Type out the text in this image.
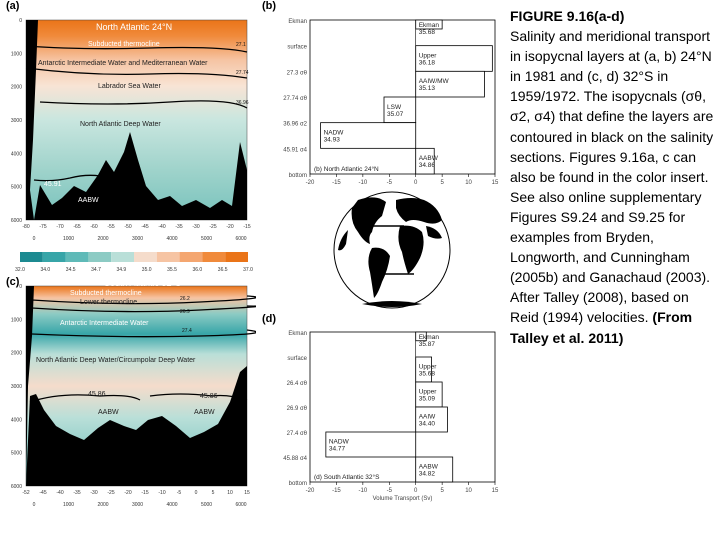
(a)	(b)
(c)
(d)
North Atlantic 24°N
Subducted thermocline
Antarctic Intermediate Water and Mediterranean Water
Labrador Sea Water
North Atlantic Deep Water
AABW
27.1
27.74
36.96
45.91
0
1000
2000
3000
4000
5000
6000
-80 -75 -70 -65 -60 -55 -50 -45 -40 -35 -30 -25 -20 -15
0	1000	2000	3000	4000	5000	6000
32.0	34.0	34.5	34.7	34.9	35.0	35.5	36.0	36.5	37.0
South Atlantic 32°S
Subducted thermocline
Lower thermocline
Antarctic Intermediate Water
North Atlantic Deep Water/Circumpolar Deep Water
AABW	AABW
26.2
26.9
27.4
45.86	45.86
0
1000
2000
3000
4000
5000
6000
-52 -45 -40 -35 -30 -25 -20 -15 -10 -5	0	5	10 15
0	1000	2000	3000	4000	5000	6000
Ekman
surface
27.3 σθ
27.74 σθ
36.96 σ2
45.91 σ4
bottom
-20	-15	-10	-5	0	5	10	15
Ekman
35.68
Upper
36.18
AAIW/MW
35.13
LSW
35.07
NADW
34.93
AABW
34.86
(b) North Atlantic 24°N
Ekman
surface
26.4 σθ
26.9 σθ
27.4 σθ
45.88 σ4
bottom
-20	-15	-10	-5	0	5	10	15
Ekman
35.87
Upper
35.68
Upper
35.09
AAIW
34.40
NADW
34.77
AABW
34.82
(d) South Atlantic 32°S
Volume Transport (Sv)
FIGURE 9.16(a-d)
Salinity and meridional transport in isopycnal layers at (a, b) 24°N in 1981 and (c, d) 32°S in 1959/1972. The isopycnals (σθ, σ2, σ4) that define the layers are contoured in black on the salinity sections. Figures 9.16a, c can also be found in the color insert. See also online supplementary Figures S9.24 and S9.25 for examples from Bryden, Longworth, and Cunningham (2005b) and Ganachaud (2003). After Talley (2008), based on Reid (1994) velocities. (From Talley et al. 2011)
